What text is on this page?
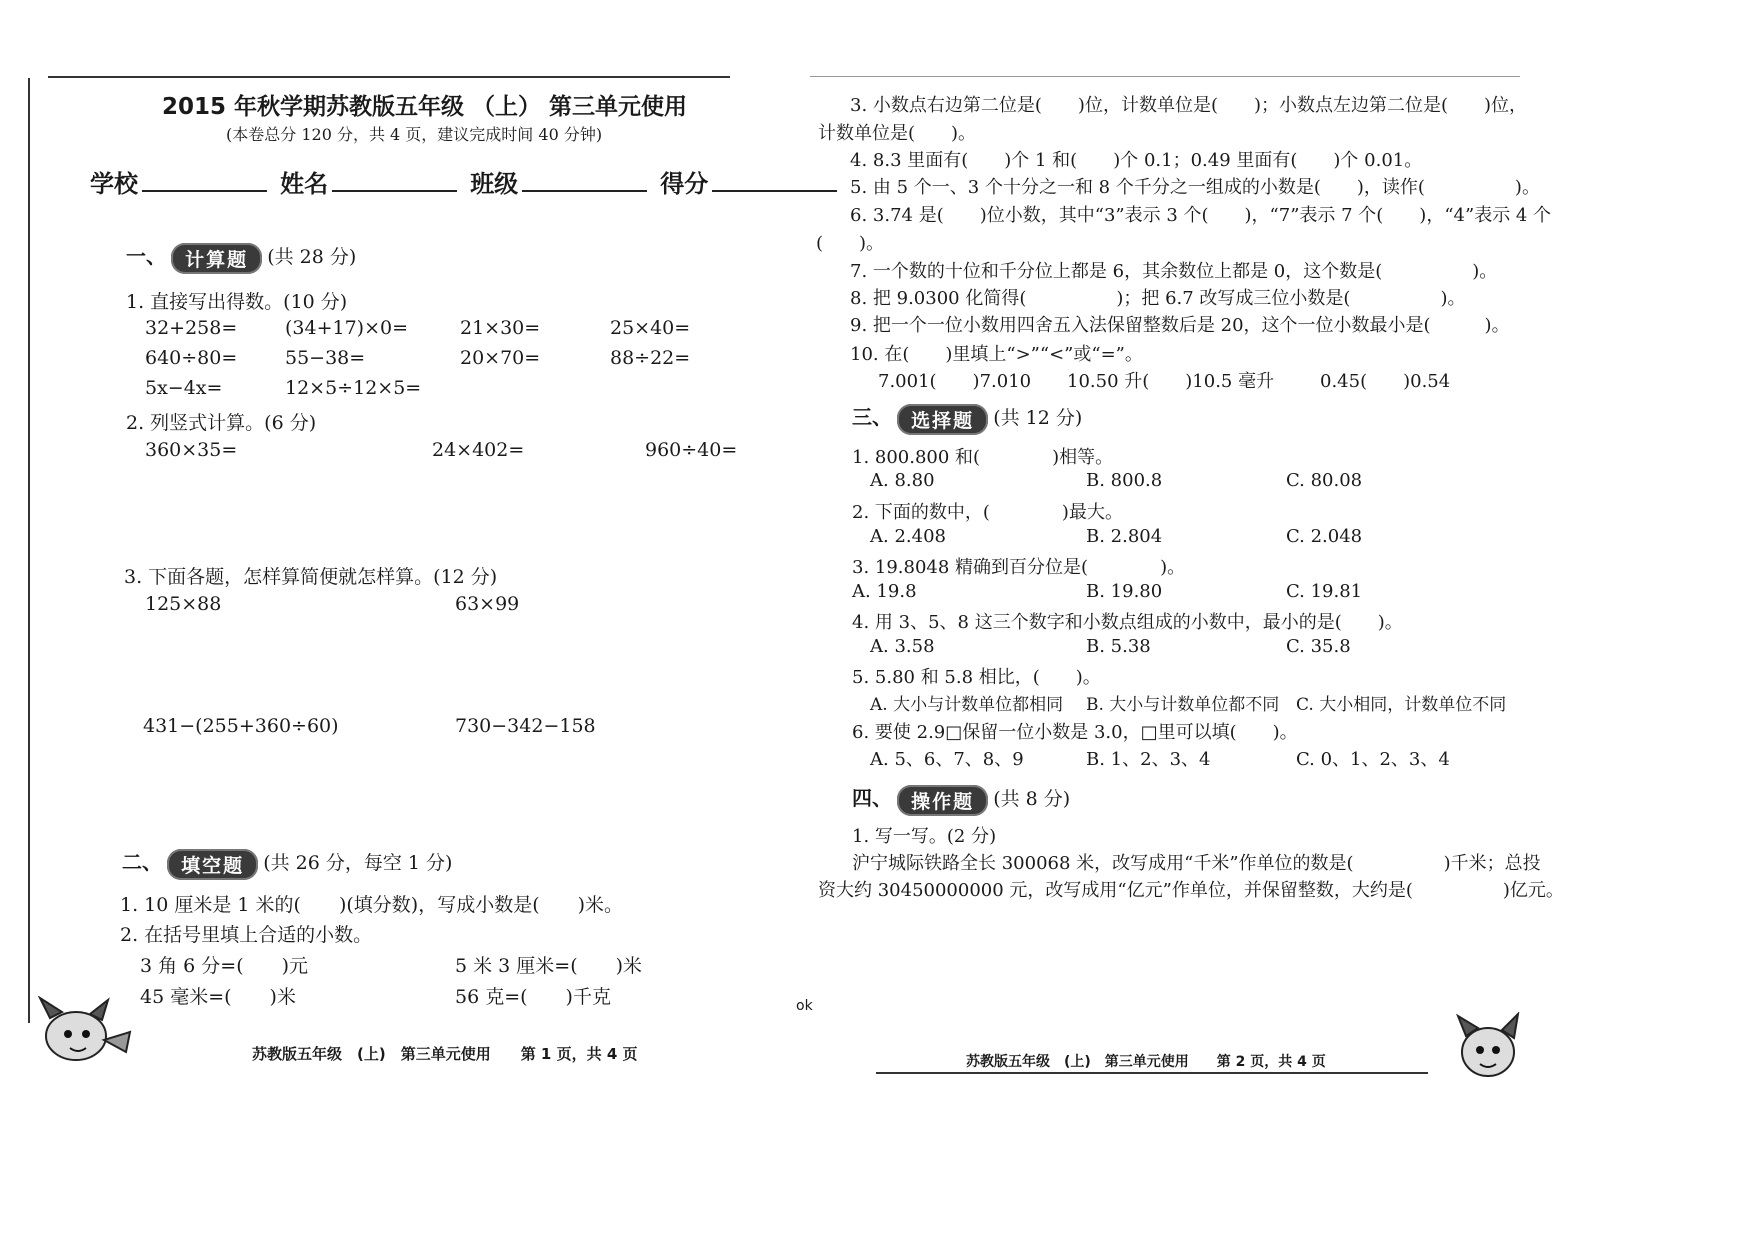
2015 年秋学期苏教版五年级 （上） 第三单元使用
(本卷总分 120 分，共 4 页，建议完成时间 40 分钟)
学校	姓名	班级	得分
一、 计算题 (共 28 分)
1. 直接写出得数。(10 分)
32+258=	(34+17)×0=	21×30=	25×40=
640÷80=	55−38=	20×70=	88÷22=
5x−4x=	12×5÷12×5=
2. 列竖式计算。(6 分)
360×35=	24×402=	960÷40=
3. 下面各题，怎样算简便就怎样算。(12 分)
125×88	63×99
431−(255+360÷60)	730−342−158
二、 填空题 (共 26 分，每空 1 分)
1. 10 厘米是 1 米的(　　)(填分数)，写成小数是(　　)米。
2. 在括号里填上合适的小数。
3 角 6 分=(　　)元	5 米 3 厘米=(　　)米
45 毫米=(　　)米	56 克=(　　)千克
苏教版五年级　(上)　第三单元使用　　第 1 页，共 4 页
ok
3. 小数点右边第二位是(　　)位，计数单位是(　　)；小数点左边第二位是(　　)位，
计数单位是(　　)。
4. 8.3 里面有(　　)个 1 和(　　)个 0.1；0.49 里面有(　　)个 0.01。
5. 由 5 个一、3 个十分之一和 8 个千分之一组成的小数是(　　)，读作(　　　　　)。
6. 3.74 是(　　)位小数，其中“3”表示 3 个(　　)，“7”表示 7 个(　　)，“4”表示 4 个
(　　)。
7. 一个数的十位和千分位上都是 6，其余数位上都是 0，这个数是(　　　　　)。
8. 把 9.0300 化简得(　　　　　)；把 6.7 改写成三位小数是(　　　　　)。
9. 把一个一位小数用四舍五入法保留整数后是 20，这个一位小数最小是(　　　)。
10. 在(　　)里填上“>”“<”或“=”。
7.001(　　)7.010 10.50 升(　　)10.5 毫升	0.45(　　)0.54
三、 选择题 (共 12 分)
1. 800.800 和(　　　　)相等。
A. 8.80	B. 800.8	C. 80.08
2. 下面的数中，(　　　　)最大。
A. 2.408	B. 2.804	C. 2.048
3. 19.8048 精确到百分位是(　　　　)。
A. 19.8	B. 19.80	C. 19.81
4. 用 3、5、8 这三个数字和小数点组成的小数中，最小的是(　　)。
A. 3.58	B. 5.38	C. 35.8
5. 5.80 和 5.8 相比，(　　)。
A. 大小与计数单位都相同 B. 大小与计数单位都不同 C. 大小相同，计数单位不同
6. 要使 2.9□保留一位小数是 3.0，□里可以填(　　)。
A. 5、6、7、8、9	B. 1、2、3、4	C. 0、1、2、3、4
四、 操作题 (共 8 分)
1. 写一写。(2 分)
沪宁城际铁路全长 300068 米，改写成用“千米”作单位的数是(　　　　　)千米；总投
资大约 30450000000 元，改写成用“亿元”作单位，并保留整数，大约是(　　　　　)亿元。
苏教版五年级　(上)　第三单元使用　　第 2 页，共 4 页
